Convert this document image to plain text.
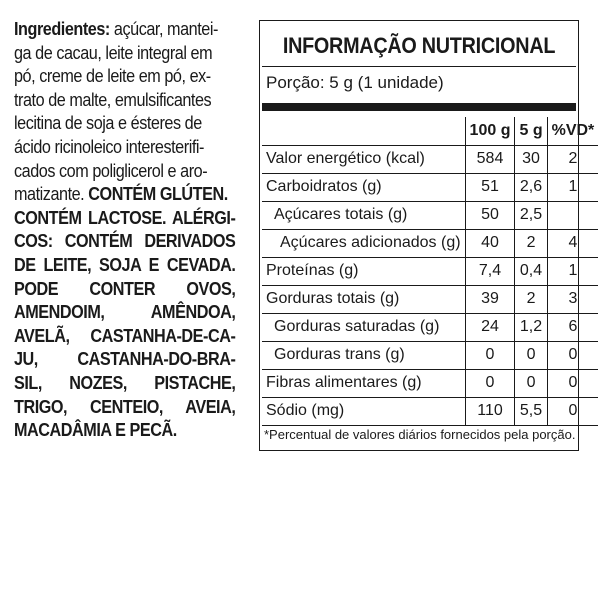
Ingredientes: açúcar, mantei-
ga de cacau, leite integral em
pó, creme de leite em pó, ex-
trato de malte, emulsificantes
lecitina de soja e ésteres de
ácido ricinoleico interesterifi-
cados com poliglicerol e aro-
matizante. CONTÉM GLÚTEN.
CONTÉM LACTOSE. ALÉRGI-
COS: CONTÉM DERIVADOS
DE LEITE, SOJA E CEVADA.
PODE CONTER OVOS,
AMENDOIM, AMÊNDOA,
AVELÃ, CASTANHA-DE-CA-
JU, CASTANHA-DO-BRA-
SIL, NOZES, PISTACHE,
TRIGO, CENTEIO, AVEIA,
MACADÂMIA E PECÃ.
INFORMAÇÃO NUTRICIONAL
Porção: 5 g (1 unidade)
	100 g	5 g	%VD*
Valor energético (kcal)	584	30	2
Carboidratos (g)	51	2,6	1
Açúcares totais (g)	50	2,5	
Açúcares adicionados (g)	40	2	4
Proteínas (g)	7,4	0,4	1
Gorduras totais (g)	39	2	3
Gorduras saturadas (g)	24	1,2	6
Gorduras trans (g)	0	0	0
Fibras alimentares (g)	0	0	0
Sódio (mg)	110	5,5	0
*Percentual de valores diários fornecidos pela porção.
